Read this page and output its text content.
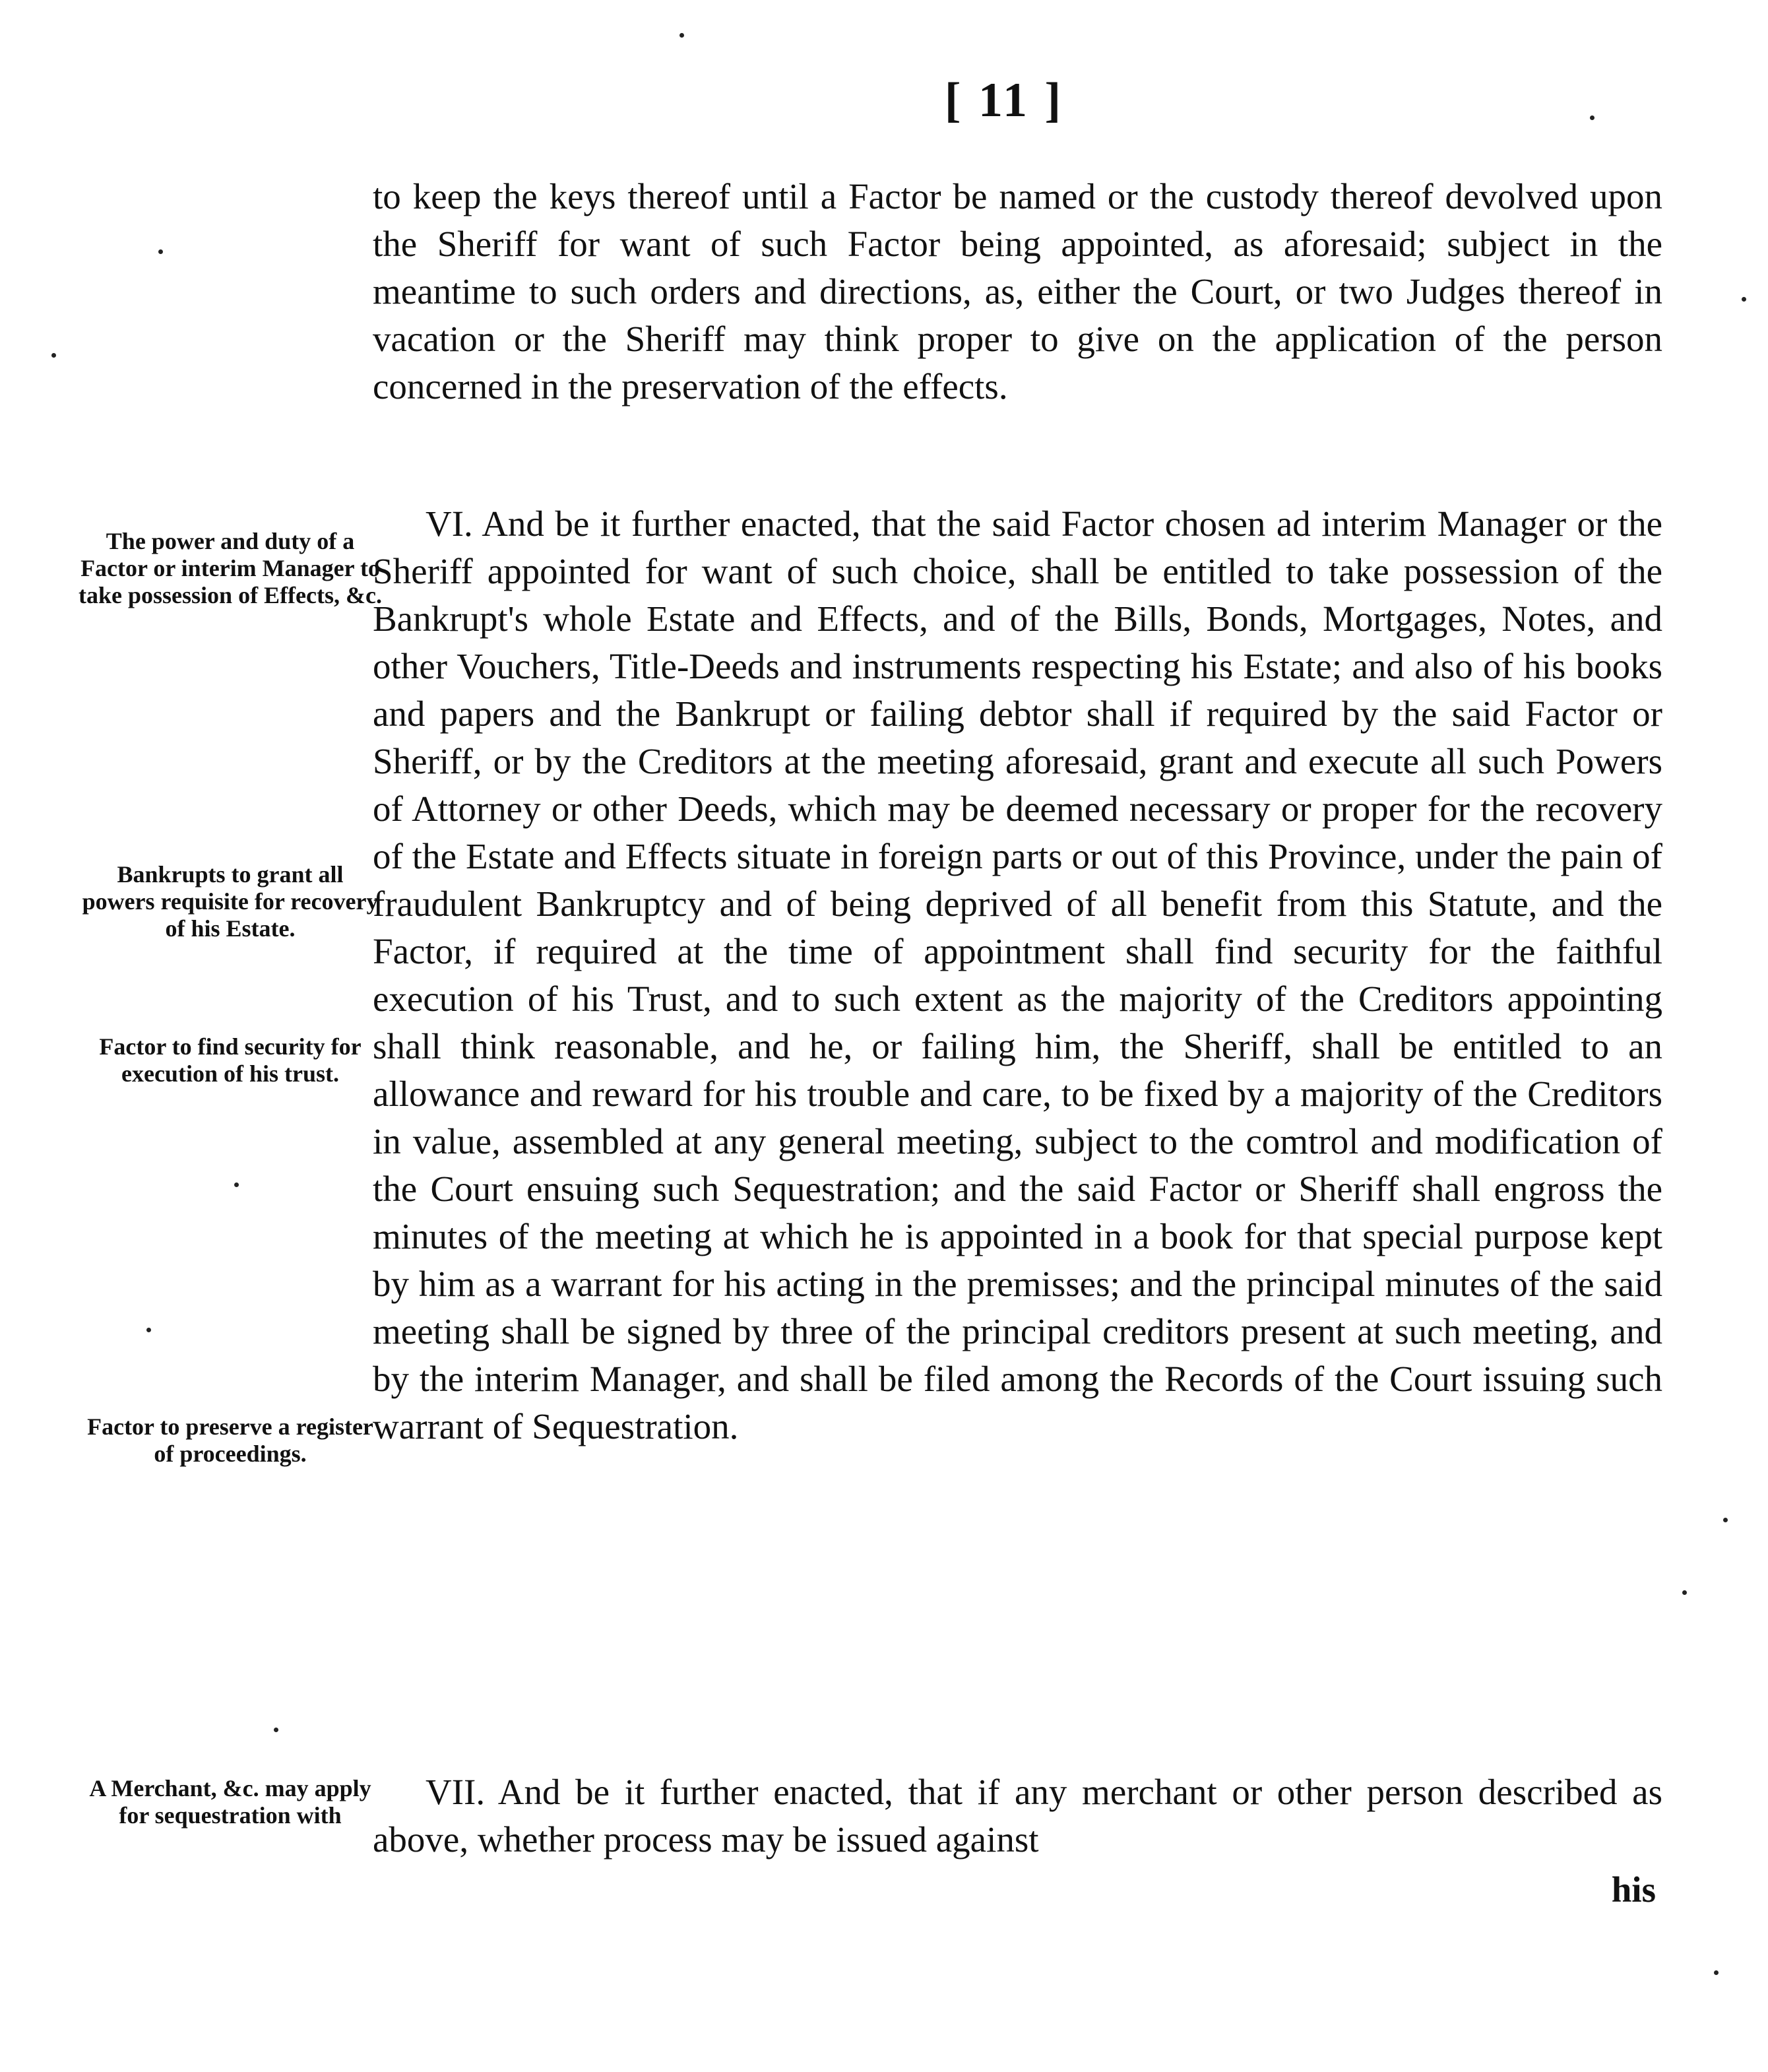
[ 11 ]

to keep the keys thereof until a Factor be named or the custody thereof devolved upon the Sheriff for want of such Factor being appointed, as aforesaid; subject in the meantime to such orders and directions, as, either the Court, or two Judges thereof in vacation or the Sheriff may think proper to give on the application of the person concerned in the preservation of the effects.

VI. And be it further enacted, that the said Factor chosen ad interim Manager or the Sheriff appointed for want of such choice, shall be entitled to take possession of the Bankrupt's whole Estate and Effects, and of the Bills, Bonds, Mortgages, Notes, and other Vouchers, Title-Deeds and instruments respecting his Estate; and also of his books and papers and the Bankrupt or failing debtor shall if required by the said Factor or Sheriff, or by the Creditors at the meeting aforesaid, grant and execute all such Powers of Attorney or other Deeds, which may be deemed necessary or proper for the recovery of the Estate and Effects situate in foreign parts or out of this Province, under the pain of fraudulent Bankruptcy and of being deprived of all benefit from this Statute, and the Factor, if required at the time of appointment shall find security for the faithful execution of his Trust, and to such extent as the majority of the Creditors appointing shall think reasonable, and he, or failing him, the Sheriff, shall be entitled to an allowance and reward for his trouble and care, to be fixed by a majority of the Creditors in value, assembled at any general meeting, subject to the comtrol and modification of the Court ensuing such Sequestration; and the said Factor or Sheriff shall engross the minutes of the meeting at which he is appointed in a book for that special purpose kept by him as a warrant for his acting in the premisses; and the principal minutes of the said meeting shall be signed by three of the principal creditors present at such meeting, and by the interim Manager, and shall be filed among the Records of the Court issuing such warrant of Sequestration.

VII. And be it further enacted, that if any merchant or other person described as above, whether process may be issued against

his
The power and duty of a Factor or interim Manager to take possession of Effects, &c.
Bankrupts to grant all powers requisite for recovery of his Estate.
Factor to find security for execution of his trust.
Factor to preserve a register of proceedings.
A Merchant, &c. may apply for sequestration with
